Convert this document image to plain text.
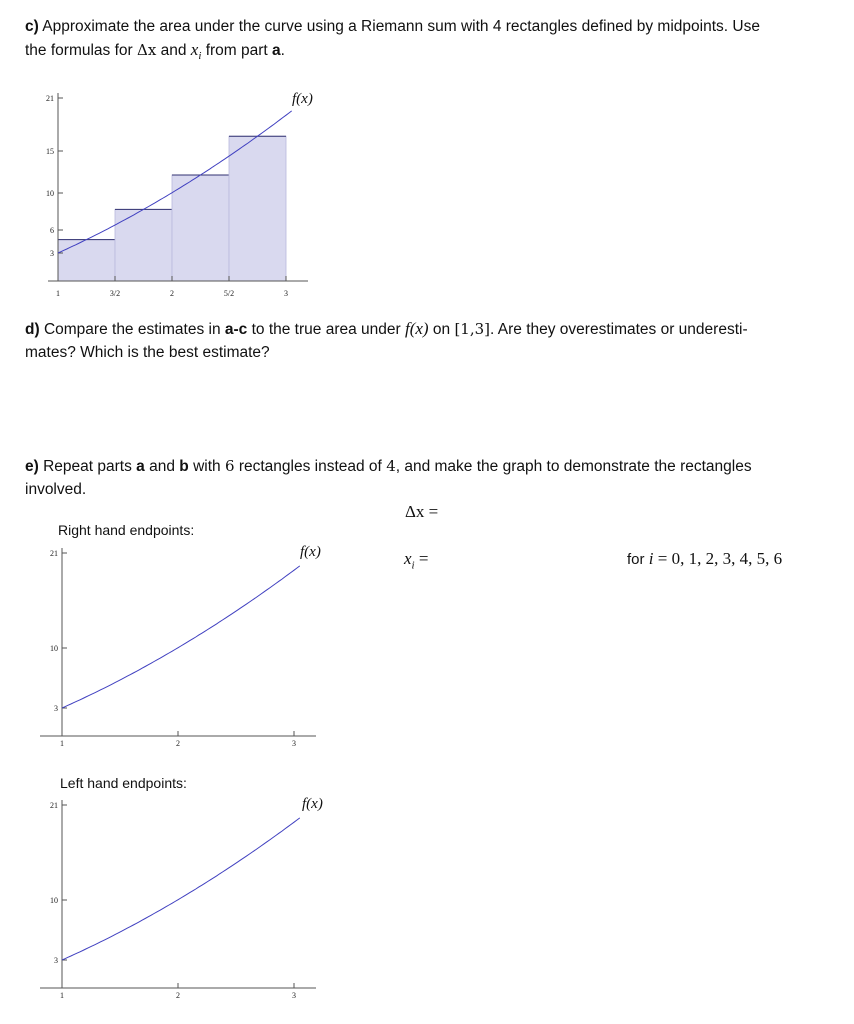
c) Approximate the area under the curve using a Riemann sum with 4 rectangles defined by midpoints. Use
the formulas for Δx and $x_i$ from part a.
21
15
10
6
3
1	3/2	2	5/2	3
f(x)
d) Compare the estimates in a-c to the true area under f(x) on [1,3]. Are they overestimates or underesti-
mates? Which is the best estimate?
e) Repeat parts a and b with 6 rectangles instead of 4, and make the graph to demonstrate the rectangles
involved.
Δx =
$x_i$ =	for i = 0, 1, 2, 3, 4, 5, 6
Right hand endpoints:
Left hand endpoints:
21
10
3
1	2	3
f(x)
21
10
3
1	2	3
f(x)
